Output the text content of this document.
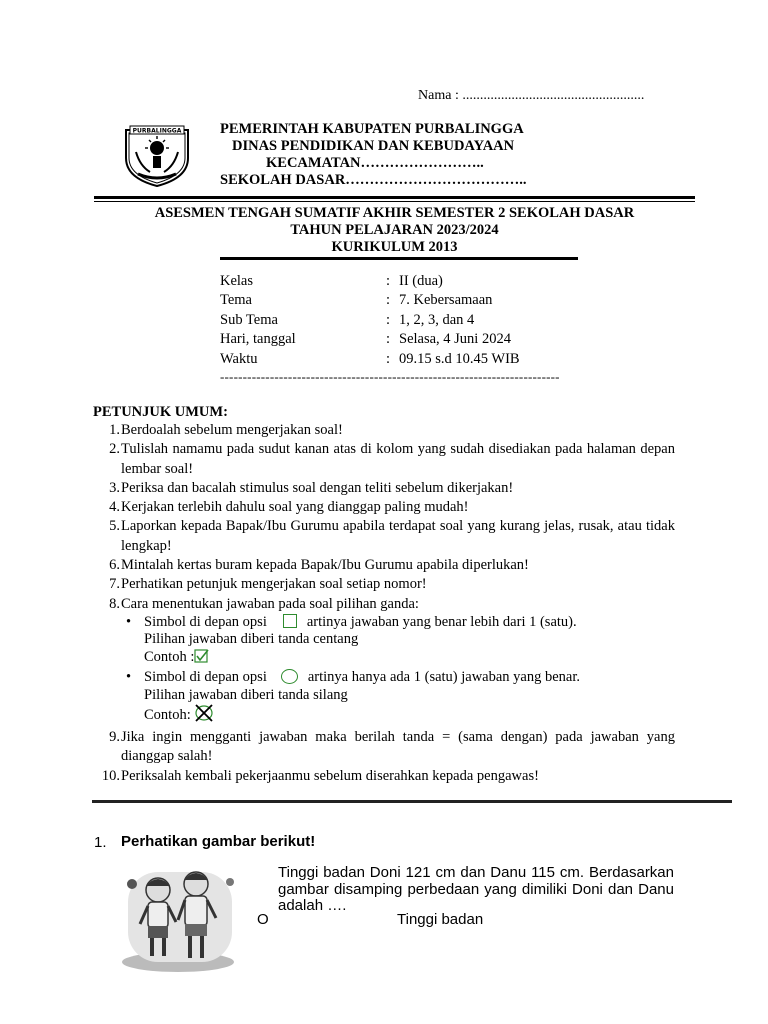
Nama : ....................................................
PURBALINGGA	PEMERINTAH KABUPATEN PURBALINGGA
DINAS PENDIDIKAN DAN KEBUDAYAAN
KECAMATAN……………………..
SEKOLAH DASAR………………………………..
ASESMEN TENGAH SUMATIF AKHIR SEMESTER 2 SEKOLAH DASAR
TAHUN PELAJARAN 2023/2024
KURIKULUM 2013
Kelas	: II (dua)
Tema	: 7. Kebersamaan
Sub Tema	: 1, 2, 3, dan 4
Hari, tanggal	: Selasa, 4 Juni 2024
Waktu	: 09.15 s.d 10.45 WIB
---------------------------------------------------------------------------
PETUNJUK UMUM:
1. Berdoalah sebelum mengerjakan soal!
2. Tulislah namamu pada sudut kanan atas di kolom yang sudah disediakan pada halaman depan lembar soal!
3. Periksa dan bacalah stimulus soal dengan teliti sebelum dikerjakan!
4. Kerjakan terlebih dahulu soal yang dianggap paling mudah!
5. Laporkan kepada Bapak/Ibu Gurumu apabila terdapat soal yang kurang jelas, rusak, atau tidak lengkap!
6. Mintalah kertas buram kepada Bapak/Ibu Gurumu apabila diperlukan!
7. Perhatikan petunjuk mengerjakan soal setiap nomor!
8. Cara menentukan jawaban pada soal pilihan ganda:
• Simbol di depan opsi	artinya jawaban yang benar lebih dari 1 (satu).
Pilihan jawaban diberi tanda centang
Contoh :
• Simbol di depan opsi	artinya hanya ada 1 (satu) jawaban yang benar.
Pilihan jawaban diberi tanda silang
Contoh:
9. Jika ingin mengganti jawaban maka berilah tanda = (sama dengan) pada jawaban yang dianggap salah!
10. Periksalah kembali pekerjaanmu sebelum diserahkan kepada pengawas!
1. Perhatikan gambar berikut!
Tinggi badan Doni 121 cm dan Danu 115 cm. Berdasarkan gambar disamping perbedaan yang dimiliki Doni dan Danu adalah ….
O	Tinggi badan
